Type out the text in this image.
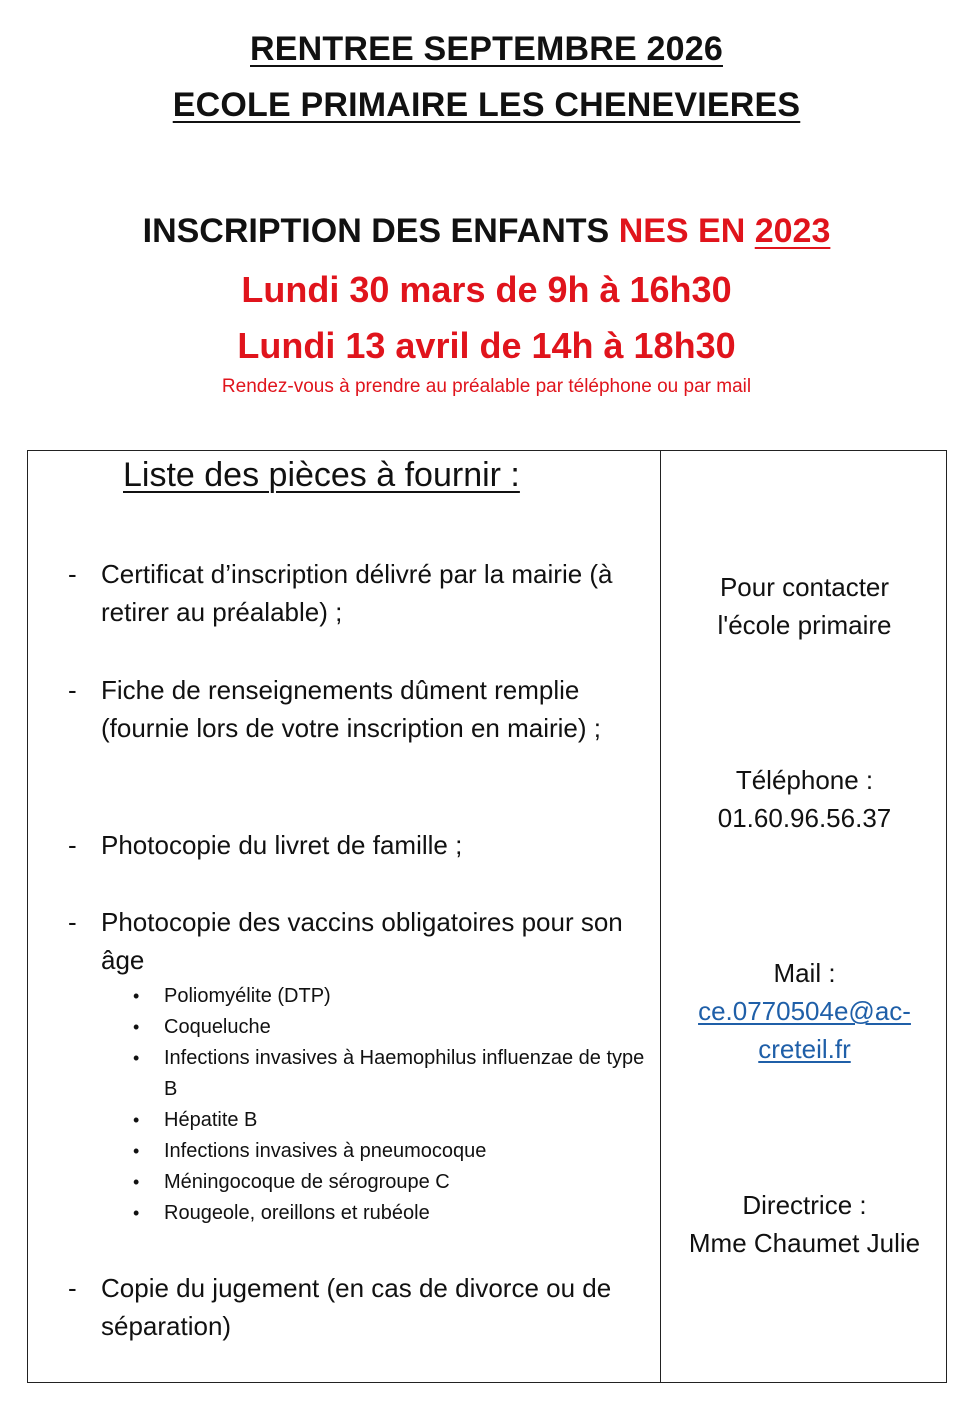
RENTREE SEPTEMBRE 2026
ECOLE PRIMAIRE LES CHENEVIERES
INSCRIPTION DES ENFANTS NES EN 2023
Lundi 30 mars de 9h à 16h30
Lundi 13 avril de 14h à 18h30
Rendez-vous à prendre au préalable par téléphone ou par mail
Liste des pièces à fournir :
- Certificat d’inscription délivré par la mairie (à retirer au préalable) ;
- Fiche de renseignements dûment remplie (fournie lors de votre inscription en mairie) ;
- Photocopie du livret de famille ;
- Photocopie des vaccins obligatoires pour son âge
• Poliomyélite (DTP)
• Coqueluche
• Infections invasives à Haemophilus influenzae de type B
• Hépatite B
• Infections invasives à pneumocoque
• Méningocoque de sérogroupe C
• Rougeole, oreillons et rubéole
- Copie du jugement (en cas de divorce ou de séparation)
Pour contacter
l'école primaire
Téléphone :
01.60.96.56.37
Mail :
ce.0770504e@ac-
creteil.fr
Directrice :
Mme Chaumet Julie
